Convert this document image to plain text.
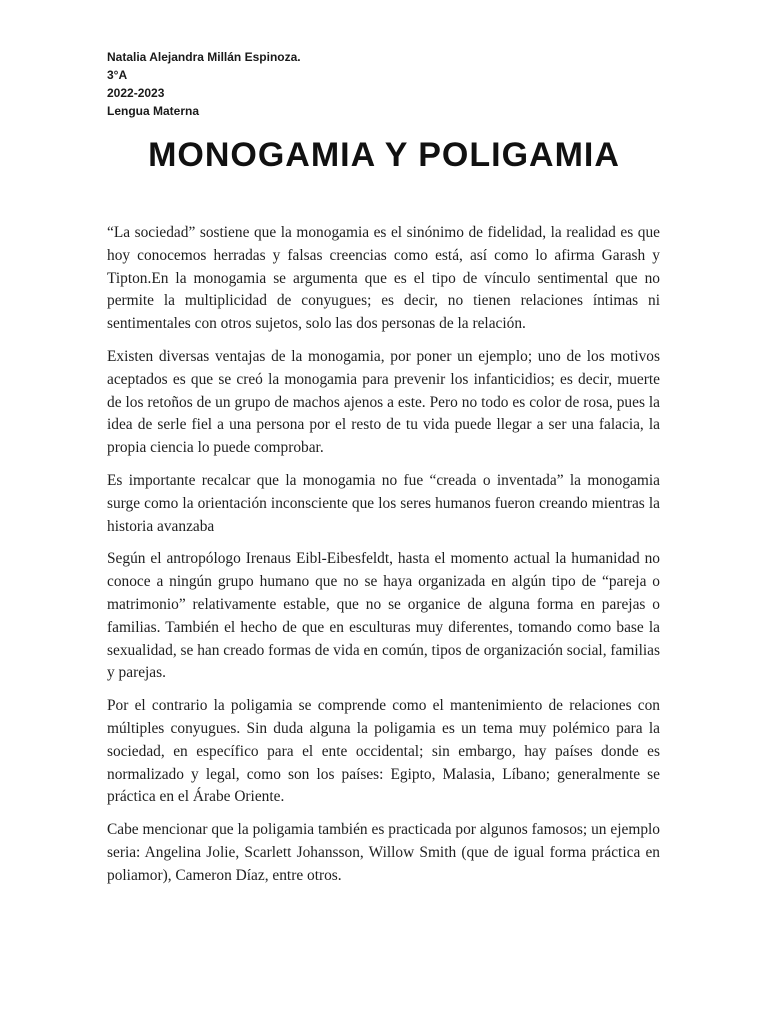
Natalia Alejandra Millán Espinoza.
3°A
2022-2023
Lengua Materna
MONOGAMIA Y POLIGAMIA

“La sociedad” sostiene que la monogamia es el sinónimo de fidelidad, la realidad es que hoy conocemos herradas y falsas creencias como está, así como lo afirma Garash y Tipton.En la monogamia se argumenta que es el tipo de vínculo sentimental que no permite la multiplicidad de conyugues; es decir, no tienen relaciones íntimas ni sentimentales con otros sujetos, solo las dos personas de la relación.

Existen diversas ventajas de la monogamia, por poner un ejemplo; uno de los motivos aceptados es que se creó la monogamia para prevenir los infanticidios; es decir, muerte de los retoños de un grupo de machos ajenos a este. Pero no todo es color de rosa, pues la idea de serle fiel a una persona por el resto de tu vida puede llegar a ser una falacia, la propia ciencia lo puede comprobar.

Es importante recalcar que la monogamia no fue “creada o inventada” la monogamia surge como la orientación inconsciente que los seres humanos fueron creando mientras la historia avanzaba

Según el antropólogo Irenaus Eibl-Eibesfeldt, hasta el momento actual la humanidad no conoce a ningún grupo humano que no se haya organizada en algún tipo de “pareja o matrimonio” relativamente estable, que no se organice de alguna forma en parejas o familias. También el hecho de que en esculturas muy diferentes, tomando como base la sexualidad, se han creado formas de vida en común, tipos de organización social, familias y parejas.

Por el contrario la poligamia se comprende como el mantenimiento de relaciones con múltiples conyugues. Sin duda alguna la poligamia es un tema muy polémico para la sociedad, en específico para el ente occidental; sin embargo, hay países donde es normalizado y legal, como son los países: Egipto, Malasia, Líbano; generalmente se práctica en el Árabe Oriente.

Cabe mencionar que la poligamia también es practicada por algunos famosos; un ejemplo seria: Angelina Jolie, Scarlett Johansson, Willow Smith (que de igual forma práctica en poliamor), Cameron Díaz, entre otros.
